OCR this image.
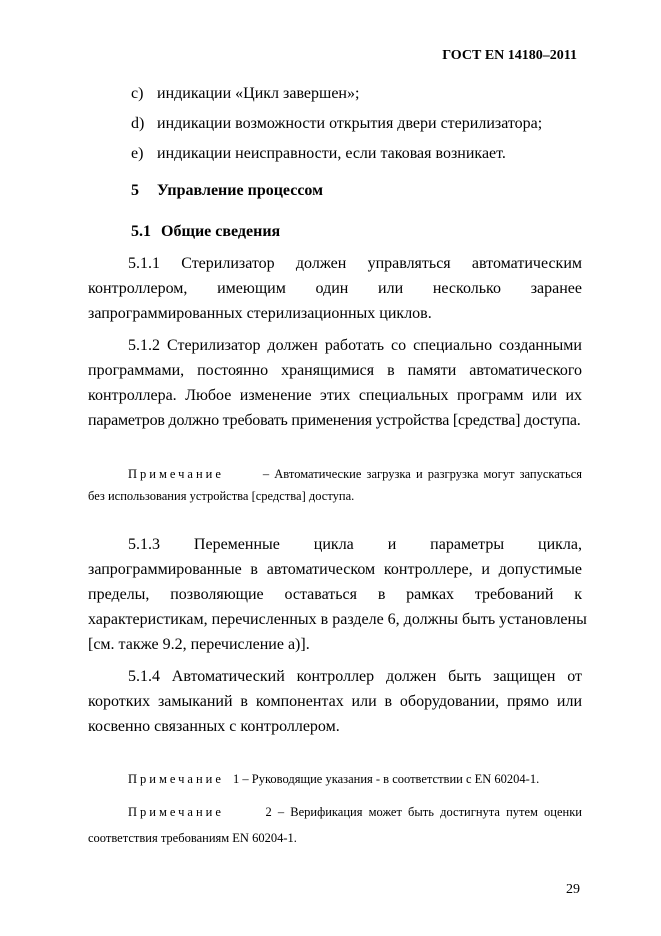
ГОСТ EN 14180–2011
c) индикации «Цикл завершен»;
d) индикации возможности открытия двери стерилизатора;
e) индикации неисправности, если таковая возникает.
5 Управление процессом
5.1 Общие сведения
5.1.1 Стерилизатор должен управляться автоматическим
контроллером, имеющим один или несколько заранее
запрограммированных стерилизационных циклов.
5.1.2 Стерилизатор должен работать со специально созданными
программами, постоянно хранящимися в памяти автоматического
контроллера. Любое изменение этих специальных программ или их
параметров должно требовать применения устройства [средства] доступа.
Примечание	– Автоматические загрузка и разгрузка могут запускаться
без использования устройства [средства] доступа.
5.1.3 Переменные цикла и параметры цикла,
запрограммированные в автоматическом контроллере, и допустимые
пределы, позволяющие оставаться в рамках требований к
характеристикам, перечисленных в разделе 6, должны быть установлены
[см. также 9.2, перечисление а)].
5.1.4 Автоматический контроллер должен быть защищен от
коротких замыканий в компонентах или в оборудовании, прямо или
косвенно связанных с контроллером.
Примечание 1 – Руководящие указания - в соответствии с EN 60204-1.
Примечание	2 – Верификация может быть достигнута путем оценки
соответствия требованиям EN 60204-1.
29
